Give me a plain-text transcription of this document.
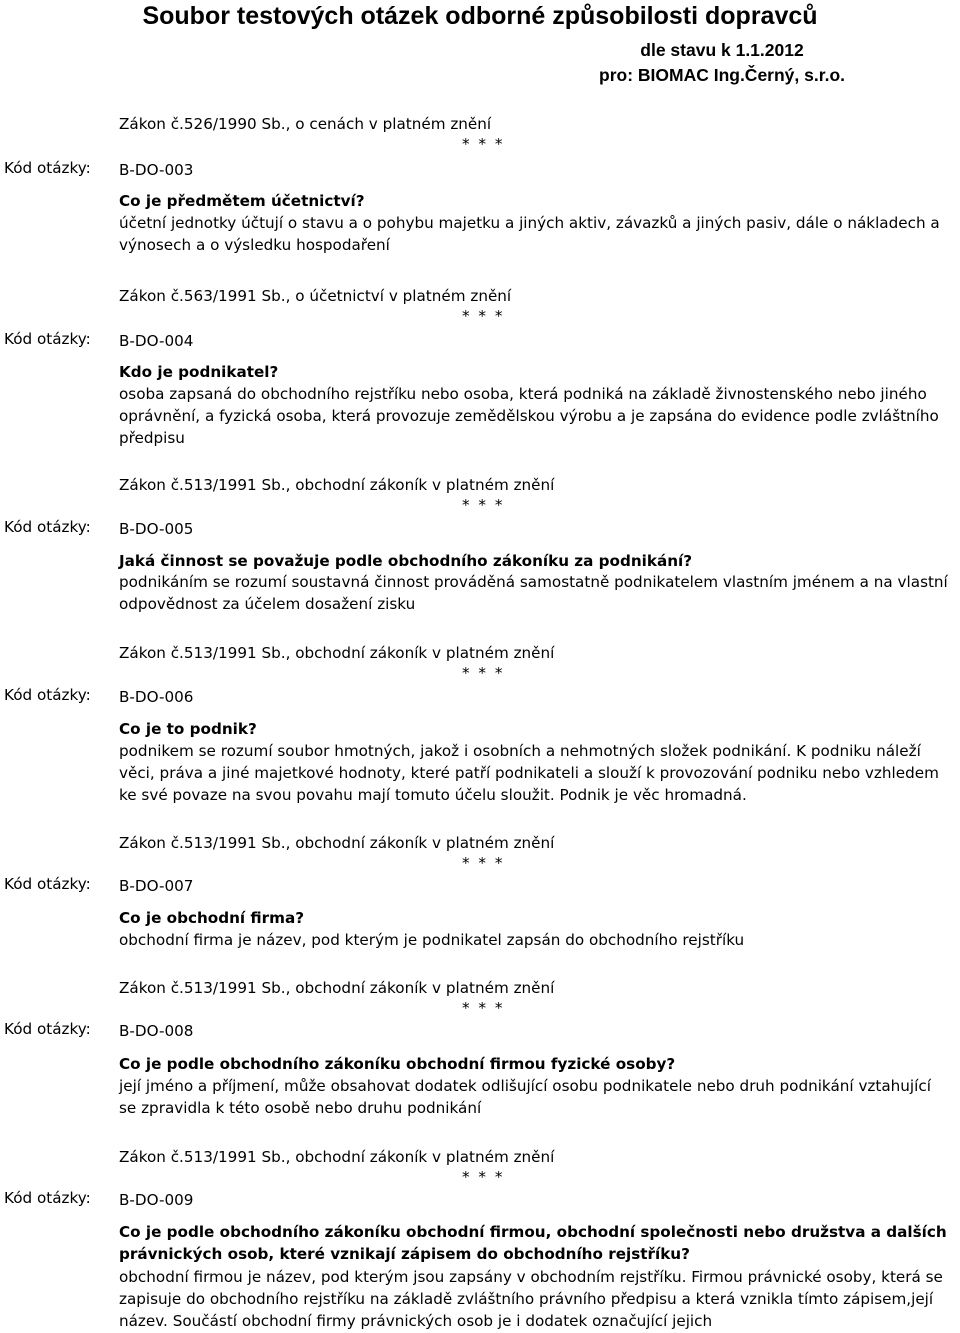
Soubor testových otázek odborné způsobilosti dopravců
dle stavu k 1.1.2012
pro: BIOMAC Ing.Černý, s.r.o.
Zákon č.526/1990 Sb., o cenách v platném znění
* * *
Kód otázky: B-DO-003
Co je předmětem účetnictví?
účetní jednotky účtují o stavu a o pohybu majetku a jiných aktiv, závazků a jiných pasiv, dále o nákladech a výnosech a o výsledku hospodaření
Zákon č.563/1991 Sb., o účetnictví v platném znění
* * *
Kód otázky: B-DO-004
Kdo je podnikatel?
osoba zapsaná do obchodního rejstříku nebo osoba, která podniká na základě živnostenského nebo jiného oprávnění, a fyzická osoba, která provozuje zemědělskou výrobu a je zapsána do evidence podle zvláštního předpisu
Zákon č.513/1991 Sb., obchodní zákoník v platném znění
* * *
Kód otázky: B-DO-005
Jaká činnost se považuje podle obchodního zákoníku za podnikání?
podnikáním se rozumí soustavná činnost prováděná samostatně podnikatelem vlastním jménem a na vlastní odpovědnost za účelem dosažení zisku
Zákon č.513/1991 Sb., obchodní zákoník v platném znění
* * *
Kód otázky: B-DO-006
Co je to podnik?
podnikem se rozumí soubor hmotných, jakož i osobních a nehmotných složek podnikání. K podniku náleží věci, práva a jiné majetkové hodnoty, které patří podnikateli a slouží k provozování podniku nebo vzhledem ke své povaze na svou povahu mají tomuto účelu sloužit. Podnik je věc hromadná.
Zákon č.513/1991 Sb., obchodní zákoník v platném znění
* * *
Kód otázky: B-DO-007
Co je obchodní firma?
obchodní firma je název, pod kterým je podnikatel zapsán do obchodního rejstříku
Zákon č.513/1991 Sb., obchodní zákoník v platném znění
* * *
Kód otázky: B-DO-008
Co je podle obchodního zákoníku obchodní firmou fyzické osoby?
její jméno a příjmení, může obsahovat dodatek odlišující osobu podnikatele nebo druh podnikání vztahující se zpravidla k této osobě nebo druhu podnikání
Zákon č.513/1991 Sb., obchodní zákoník v platném znění
* * *
Kód otázky: B-DO-009
Co je podle obchodního zákoníku obchodní firmou, obchodní společnosti nebo družstva a dalších právnických osob, které vznikají zápisem do obchodního rejstříku?
obchodní firmou je název, pod kterým jsou zapsány v obchodním rejstříku. Firmou právnické osoby, která se zapisuje do obchodního rejstříku na základě zvláštního právního předpisu a která vznikla tímto zápisem,její název. Součástí obchodní firmy právnických osob je i dodatek označující jejich
